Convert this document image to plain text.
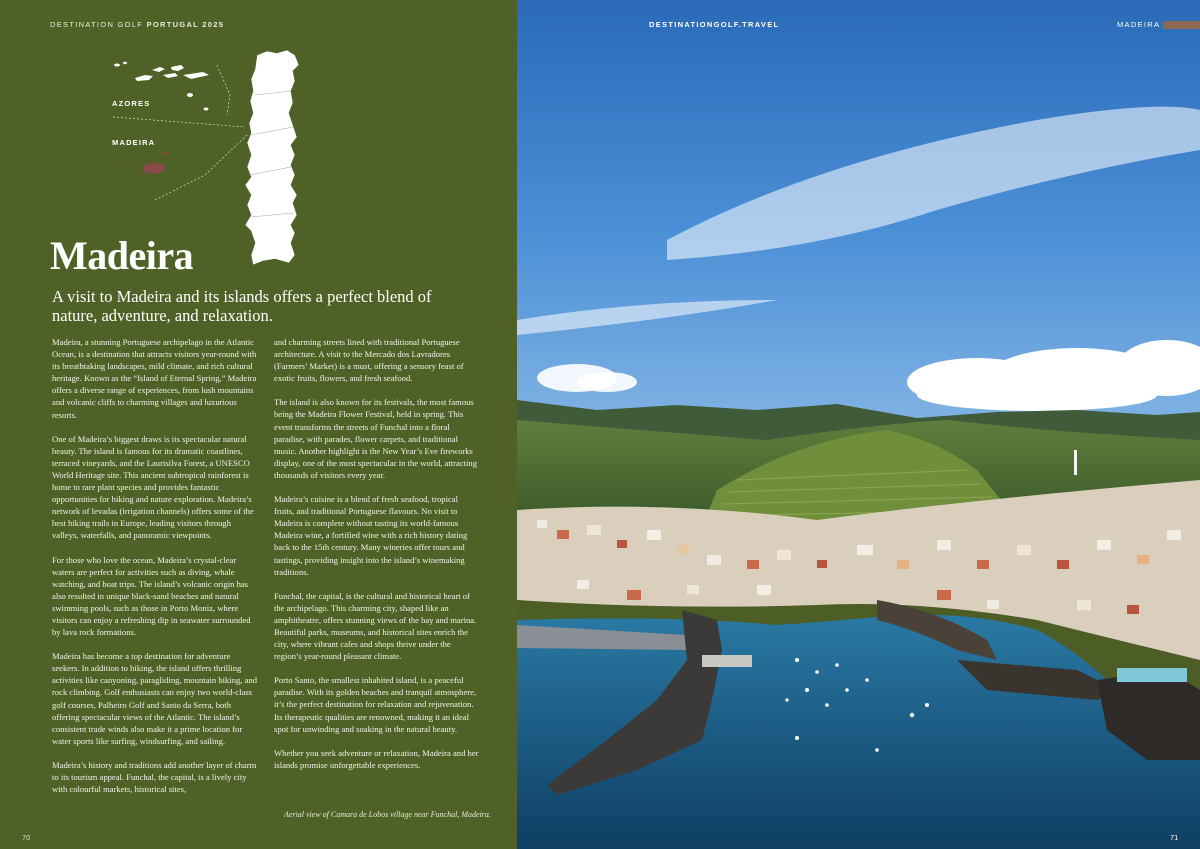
DESTINATION GOLF PORTUGAL 2025
AZORES
MADEIRA
Madeira
A visit to Madeira and its islands offers a perfect blend of nature, adventure, and relaxation.

Madeira, a stunning Portuguese archipelago in the Atlantic Ocean, is a destination that attracts visitors year-round with its breathtaking landscapes, mild climate, and rich cultural heritage. Known as the “Island of Eternal Spring,” Madeira offers a diverse range of experiences, from lush mountains and volcanic cliffs to charming villages and luxurious resorts.

One of Madeira’s biggest draws is its spectacular natural beauty. The island is famous for its dramatic coastlines, terraced vineyards, and the Laurisilva Forest, a UNESCO World Heritage site. This ancient subtropical rainforest is home to rare plant species and provides fantastic opportunities for hiking and nature exploration. Madeira’s network of levadas (irrigation channels) offers some of the best hiking trails in Europe, leading visitors through valleys, waterfalls, and panoramic viewpoints.

For those who love the ocean, Madeira’s crystal-clear waters are perfect for activities such as diving, whale watching, and boat trips. The island’s volcanic origin has also resulted in unique black-sand beaches and natural swimming pools, such as those in Porto Moniz, where visitors can enjoy a refreshing dip in seawater surrounded by lava rock formations.

Madeira has become a top destination for adventure seekers. In addition to hiking, the island offers thrilling activities like canyoning, paragliding, mountain biking, and rock climbing. Golf enthusiasts can enjoy two world-class golf courses, Palheiro Golf and Santo da Serra, both offering spectacular views of the Atlantic. The island’s consistent trade winds also make it a prime location for water sports like surfing, windsurfing, and sailing.

Madeira’s history and traditions add another layer of charm to its tourism appeal. Funchal, the capital, is a lively city with colourful markets, historical sites,

and charming streets lined with traditional Portuguese architecture. A visit to the Mercado dos Lavradores (Farmers’ Market) is a must, offering a sensory feast of exotic fruits, flowers, and fresh seafood.

The island is also known for its festivals, the most famous being the Madeira Flower Festival, held in spring. This event transforms the streets of Funchal into a floral paradise, with parades, flower carpets, and traditional music. Another highlight is the New Year’s Eve fireworks display, one of the most spectacular in the world, attracting thousands of visitors every year.

Madeira’s cuisine is a blend of fresh seafood, tropical fruits, and traditional Portuguese flavours. No visit to Madeira is complete without tasting its world-famous Madeira wine, a fortified wine with a rich history dating back to the 15th century. Many wineries offer tours and tastings, providing insight into the island’s winemaking traditions.

Funchal, the capital, is the cultural and historical heart of the archipelago. This charming city, shaped like an amphitheatre, offers stunning views of the bay and marina. Beautiful parks, museums, and historical sites enrich the city, where vibrant cafes and shops thrive under the region’s year-round pleasant climate.

Porto Santo, the smallest inhabited island, is a peaceful paradise. With its golden beaches and tranquil atmosphere, it’s the perfect destination for relaxation and rejuvenation. Its therapeutic qualities are renowned, making it an ideal spot for unwinding and soaking in the natural beauty.

Whether you seek adventure or relaxation, Madeira and her islands promise unforgettable experiences.

Aerial view of Camara de Lobos village near Funchal, Madeira.
70
DESTINATIONGOLF.TRAVEL	MADEIRA
71
